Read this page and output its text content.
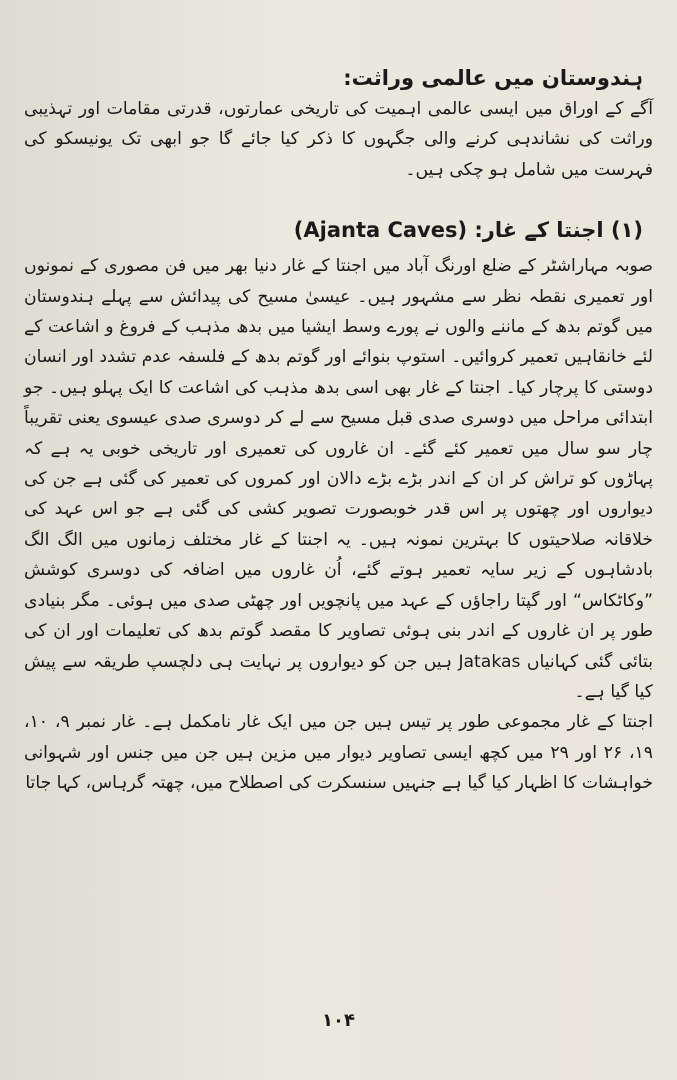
ہندوستان میں عالمی وراثت:

آگے کے اوراق میں ایسی عالمی اہمیت کی تاریخی عمارتوں، قدرتی مقامات اور تہذیبی وراثت کی نشاندہی کرنے والی جگہوں کا ذکر کیا جائے گا جو ابھی تک یونیسکو کی فہرست میں شامل ہو چکی ہیں۔

(۱) اجنتا کے غار: (Ajanta Caves)

صوبہ مہاراشٹر کے ضلع اورنگ آباد میں اجنتا کے غار دنیا بھر میں فن مصوری کے نمونوں اور تعمیری نقطہ نظر سے مشہور ہیں۔ عیسیٰ مسیح کی پیدائش سے پہلے ہندوستان میں گوتم بدھ کے ماننے والوں نے پورے وسط ایشیا میں بدھ مذہب کے فروغ و اشاعت کے لئے خانقاہیں تعمیر کروائیں۔ استوپ بنوائے اور گوتم بدھ کے فلسفہ عدم تشدد اور انسان دوستی کا پرچار کیا۔ اجنتا کے غار بھی اسی بدھ مذہب کی اشاعت کا ایک پہلو ہیں۔ جو ابتدائی مراحل میں دوسری صدی قبل مسیح سے لے کر دوسری صدی عیسوی یعنی تقریباً چار سو سال میں تعمیر کئے گئے۔ ان غاروں کی تعمیری اور تاریخی خوبی یہ ہے کہ پہاڑوں کو تراش کر ان کے اندر بڑے بڑے دالان اور کمروں کی تعمیر کی گئی ہے جن کی دیواروں اور چھتوں پر اس قدر خوبصورت تصویر کشی کی گئی ہے جو اس عہد کی خلاقانہ صلاحیتوں کا بہترین نمونہ ہیں۔ یہ اجنتا کے غار مختلف زمانوں میں الگ الگ بادشاہوں کے زیر سایہ تعمیر ہوتے گئے، اُن غاروں میں اضافہ کی دوسری کوشش ”وکاٹکاس“ اور گپتا راجاؤں کے عہد میں پانچویں اور چھٹی صدی میں ہوئی۔ مگر بنیادی طور پر ان غاروں کے اندر بنی ہوئی تصاویر کا مقصد گوتم بدھ کی تعلیمات اور ان کی بتائی گئی کہانیاں Jatakas ہیں جن کو دیواروں پر نہایت ہی دلچسپ طریقہ سے پیش کیا گیا ہے۔

اجنتا کے غار مجموعی طور پر تیس ہیں جن میں ایک غار نامکمل ہے۔ غار نمبر ۹، ۱۰، ۱۹، ۲۶ اور ۲۹ میں کچھ ایسی تصاویر دیوار میں مزین ہیں جن میں جنس اور شہوانی خواہشات کا اظہار کیا گیا ہے جنہیں سنسکرت کی اصطلاح میں، چھتہ گرہاس، کہا جاتا

۱۰۴
